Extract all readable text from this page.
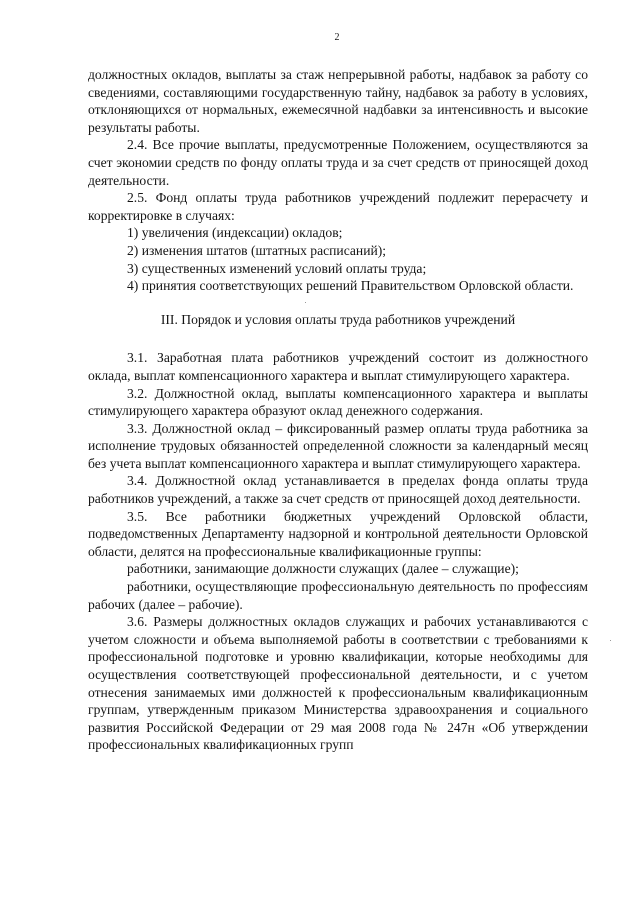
2

должностных окладов, выплаты за стаж непрерывной работы, надбавок за работу со сведениями, составляющими государственную тайну, надбавок за работу в условиях, отклоняющихся от нормальных, ежемесячной надбавки за интенсивность и высокие результаты работы.

2.4. Все прочие выплаты, предусмотренные Положением, осуществляются за счет экономии средств по фонду оплаты труда и за счет средств от приносящей доход деятельности.

2.5. Фонд оплаты труда работников учреждений подлежит перерасчету и корректировке в случаях:

1) увеличения (индексации) окладов;

2) изменения штатов (штатных расписаний);

3) существенных изменений условий оплаты труда;

4) принятия соответствующих решений Правительством Орловской области.

III. Порядок и условия оплаты труда работников учреждений

3.1. Заработная плата работников учреждений состоит из должностного оклада, выплат компенсационного характера и выплат стимулирующего характера.

3.2. Должностной оклад, выплаты компенсационного характера и выплаты стимулирующего характера образуют оклад денежного содержания.

3.3. Должностной оклад – фиксированный размер оплаты труда работника за исполнение трудовых обязанностей определенной сложности за календарный месяц без учета выплат компенсационного характера и выплат стимулирующего характера.

3.4. Должностной оклад устанавливается в пределах фонда оплаты труда работников учреждений, а также за счет средств от приносящей доход деятельности.

3.5. Все работники бюджетных учреждений Орловской области, подведомственных Департаменту надзорной и контрольной деятельности Орловской области, делятся на профессиональные квалификационные группы:

работники, занимающие должности служащих (далее – служащие);

работники, осуществляющие профессиональную деятельность по профессиям рабочих (далее – рабочие).

3.6. Размеры должностных окладов служащих и рабочих устанавливаются с учетом сложности и объема выполняемой работы в соответствии с требованиями к профессиональной подготовке и уровню квалификации, которые необходимы для осуществления соответствующей профессиональной деятельности, и с учетом отнесения занимаемых ими должностей к профессиональным квалификационным группам, утвержденным приказом Министерства здравоохранения и социального развития Российской Федерации от 29 мая 2008 года № 247н «Об утверждении профессиональных квалификационных групп
